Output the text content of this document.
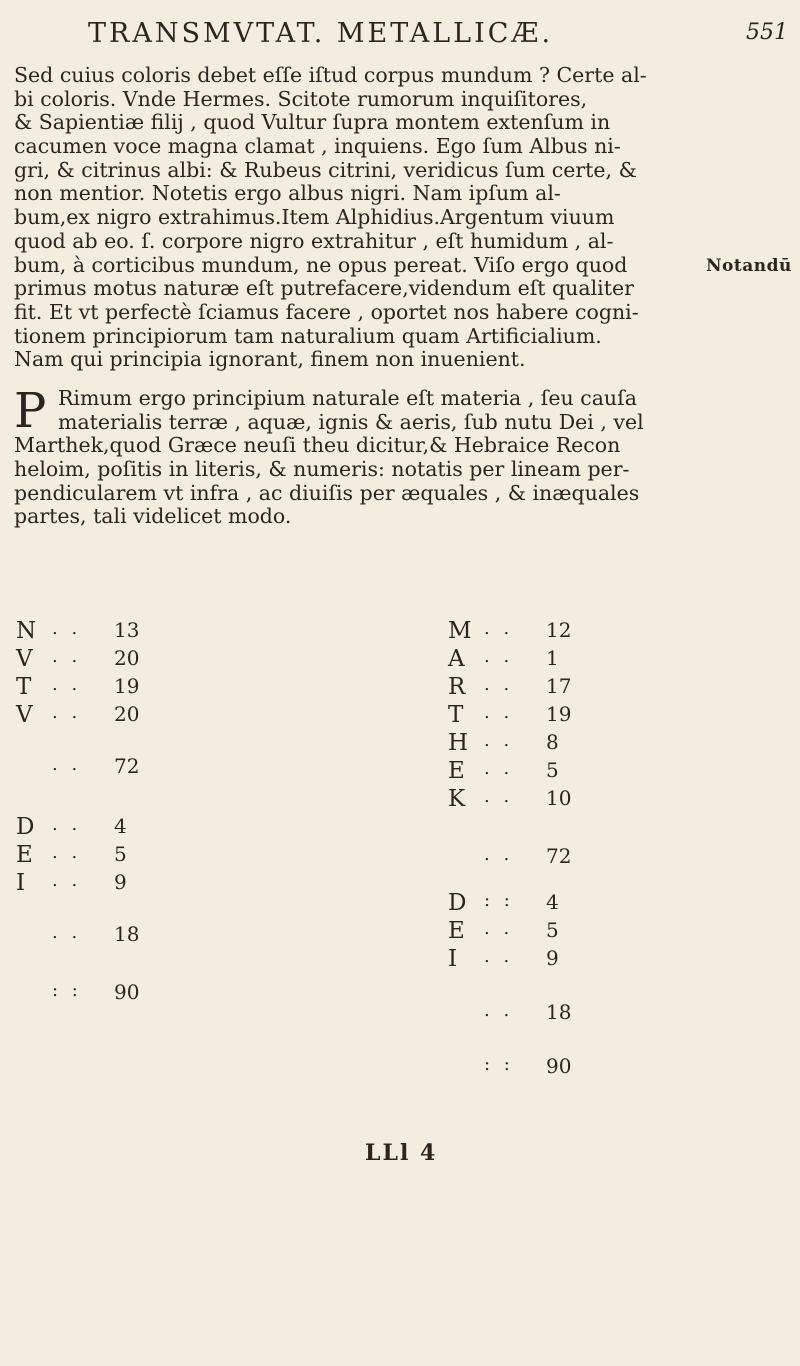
TRANSMVTAT. METALLICÆ.	551
Sed cuius coloris debet eſſe iſtud corpus mundum ? Certe al-
bi coloris. Vnde Hermes. Scitote rumorum inquiſitores,
& Sapientiæ filij , quod Vultur ſupra montem extenſum in
cacumen voce magna clamat , inquiens. Ego ſum Albus ni-
gri, & citrinus albi: & Rubeus citrini, veridicus ſum certe, &
non mentior. Notetis ergo albus nigri. Nam ipſum al-
bum,ex nigro extrahimus.Item Alphidius.Argentum viuum
quod ab eo. ſ. corpore nigro extrahitur , eſt humidum , al-
bum, à corticibus mundum, ne opus pereat. Viſo ergo quod
primus motus naturæ eſt putrefacere,videndum eſt qualiter
fit. Et vt perfectè ſciamus facere , oportet nos habere cogni-
tionem principiorum tam naturalium quam Artificialium.
Nam qui principia ignorant, finem non inuenient.
P Rimum ergo principium naturale eſt materia , ſeu cauſa
materialis terræ , aquæ, ignis & aeris, ſub nutu Dei , vel
Marthek,quod Græce neuſi theu dicitur,& Hebraice Recon
heloim, poſitis in literis, & numeris: notatis per lineam per-
pendicularem vt infra , ac diuiſis per æquales , & inæquales
partes, tali videlicet modo.
Notandū
N . . 13
V . . 20
T . . 19
V . . 20
. . 72
D . . 4
E . . 5
I . . 9
. . 18
: : 90
M . . 12
A . . 1
R . . 17
T . . 19
H . . 8
E . . 5
K . . 10
. . 72
D : : 4
E . . 5
I . . 9
. . 18
: : 90
LLl 4
